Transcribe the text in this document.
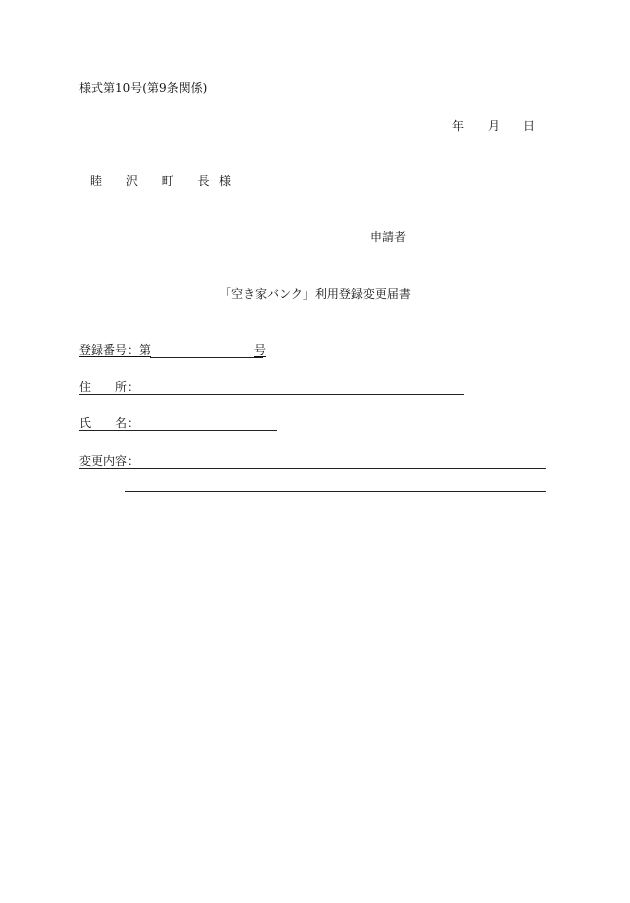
様式第10号(第9条関係)
年 月 日
睦 沢 町 長 様
申請者
「空き家バンク」利用登録変更届書
登録番号：第	号
住　　所：
氏　　名：
変更内容：
